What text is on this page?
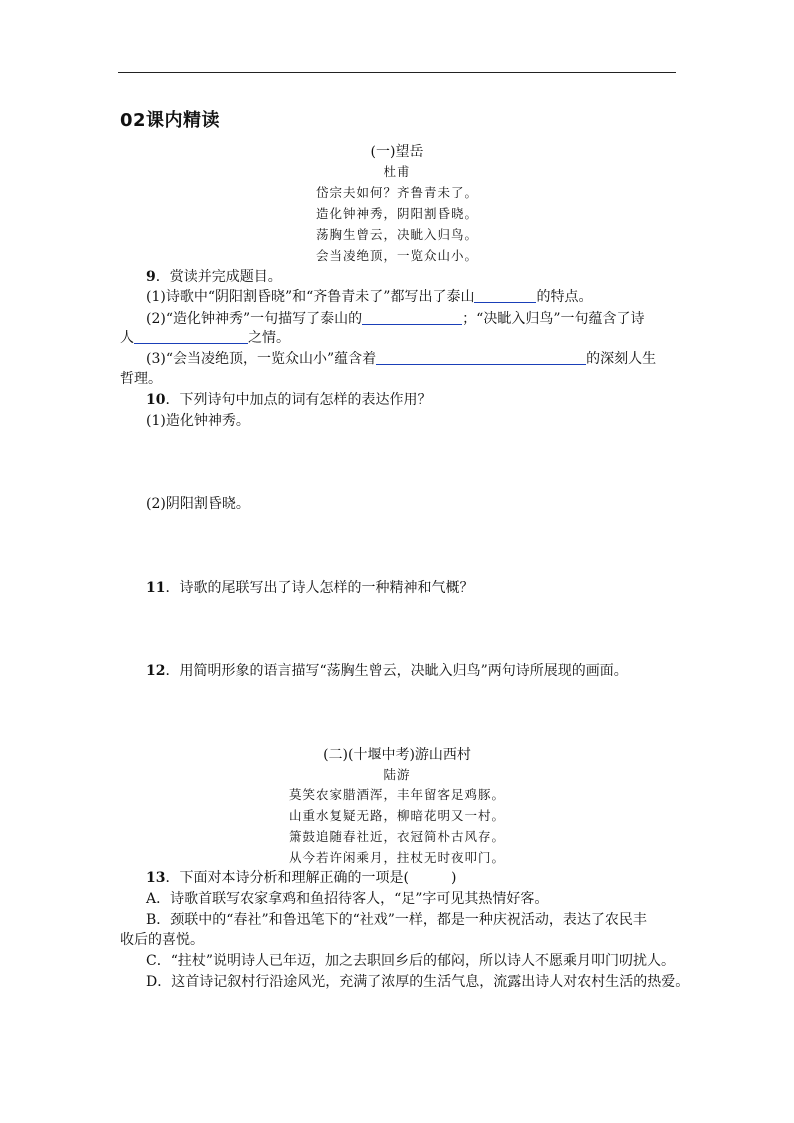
02课内精读
(一)望岳
杜甫
岱宗夫如何？齐鲁青未了。
造化钟神秀，阴阳割昏晓。
荡胸生曾云，决眦入归鸟。
会当凌绝顶，一览众山小。
9．赏读并完成题目。
(1)诗歌中“阴阳割昏晓”和“齐鲁青未了”都写出了泰山	的特点。
(2)“造化钟神秀”一句描写了泰山的	；“决眦入归鸟”一句蕴含了诗
人	之情。
(3)“会当凌绝顶，一览众山小”蕴含着	的深刻人生
哲理。
10．下列诗句中加点的词有怎样的表达作用？
(1)造化钟神秀。
(2)阴阳割昏晓。
11．诗歌的尾联写出了诗人怎样的一种精神和气概？
12．用简明形象的语言描写“荡胸生曾云，决眦入归鸟”两句诗所展现的画面。
(二)(十堰中考)游山西村
陆游
莫笑农家腊酒浑，丰年留客足鸡豚。
山重水复疑无路，柳暗花明又一村。
箫鼓追随春社近，衣冠简朴古风存。
从今若许闲乘月，拄杖无时夜叩门。
13．下面对本诗分析和理解正确的一项是(　　　)
A．诗歌首联写农家拿鸡和鱼招待客人，“足”字可见其热情好客。
B．颈联中的“春社”和鲁迅笔下的“社戏”一样，都是一种庆祝活动，表达了农民丰
收后的喜悦。
C．“拄杖”说明诗人已年迈，加之去职回乡后的郁闷，所以诗人不愿乘月叩门叨扰人。
D．这首诗记叙村行沿途风光，充满了浓厚的生活气息，流露出诗人对农村生活的热爱。
